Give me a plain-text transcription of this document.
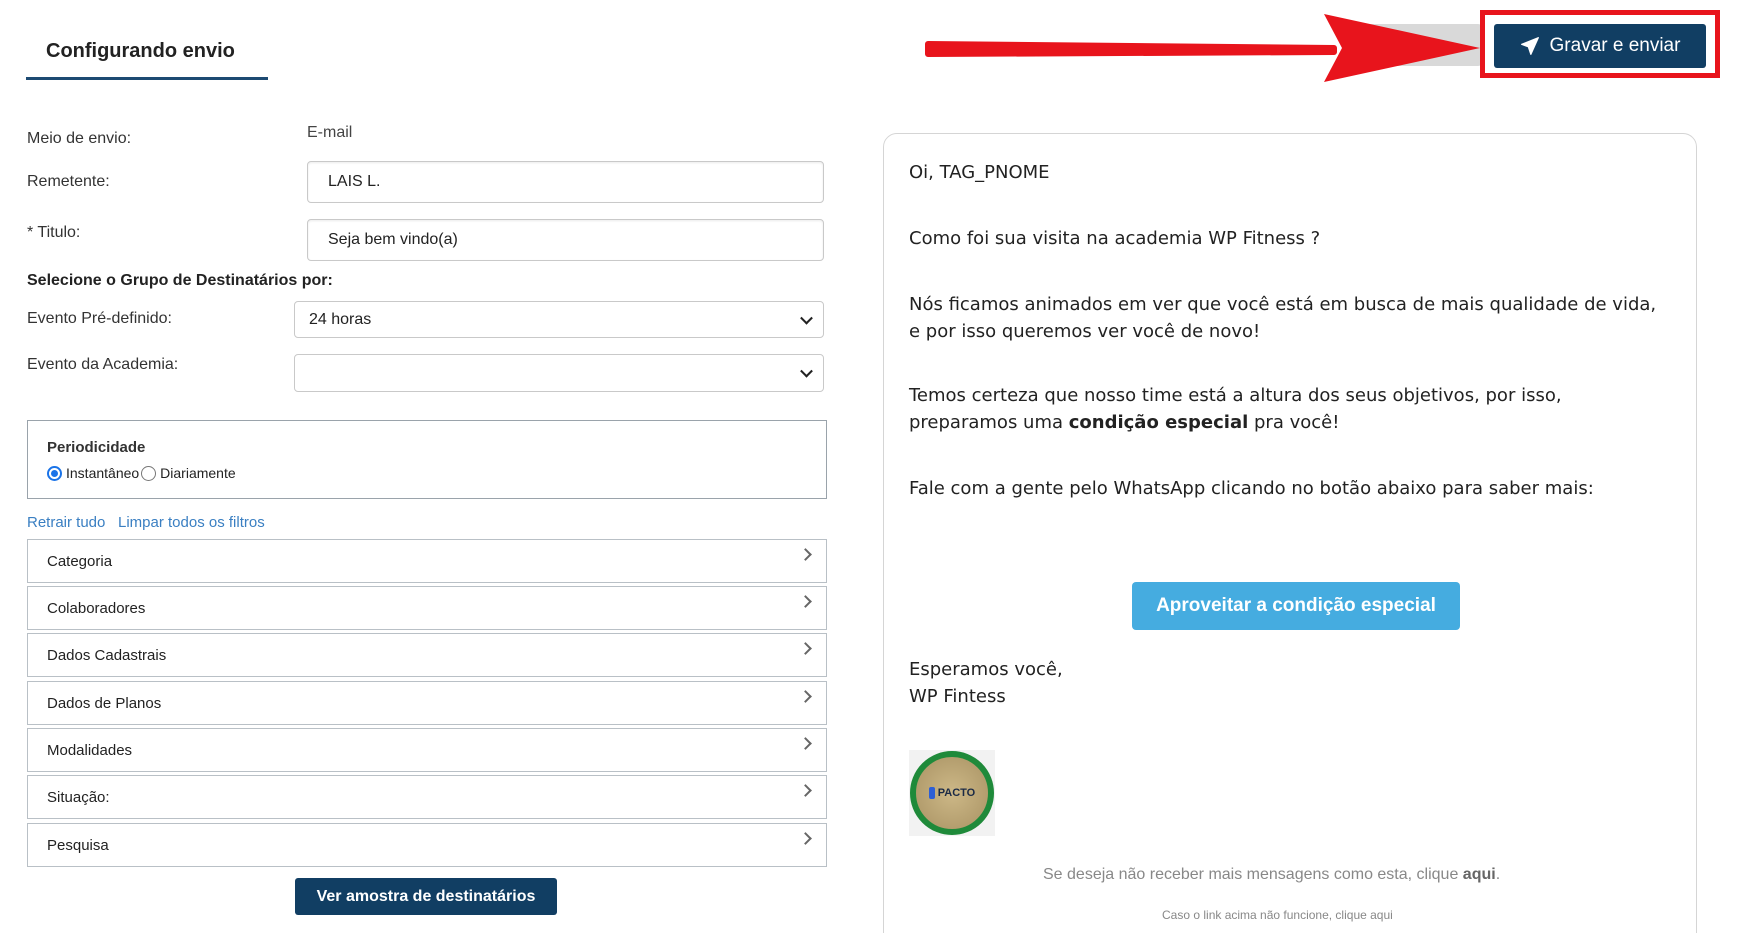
Configurando envio	Gravar e enviar
Meio de envio:	E-mail
Remetente:	LAIS L.
* Titulo:	Seja bem vindo(a)
Selecione o Grupo de Destinatários por:
Evento Pré-definido:	24 horas
Evento da Academia:
Periodicidade
Instantâneo Diariamente
Retrair tudo Limpar todos os filtros
Categoria
Colaboradores
Dados Cadastrais
Dados de Planos
Modalidades
Situação:
Pesquisa
Ver amostra de destinatários
Oi, TAG_PNOME
Como foi sua visita na academia WP Fitness ?
Nós ficamos animados em ver que você está em busca de mais qualidade de vida,
e por isso queremos ver você de novo!
Temos certeza que nosso time está a altura dos seus objetivos, por isso,
preparamos uma condição especial pra você!
Fale com a gente pelo WhatsApp clicando no botão abaixo para saber mais:
Aproveitar a condição especial
Esperamos você,
WP Fintess
PACTO
Se deseja não receber mais mensagens como esta, clique aqui.
Caso o link acima não funcione, clique aqui
